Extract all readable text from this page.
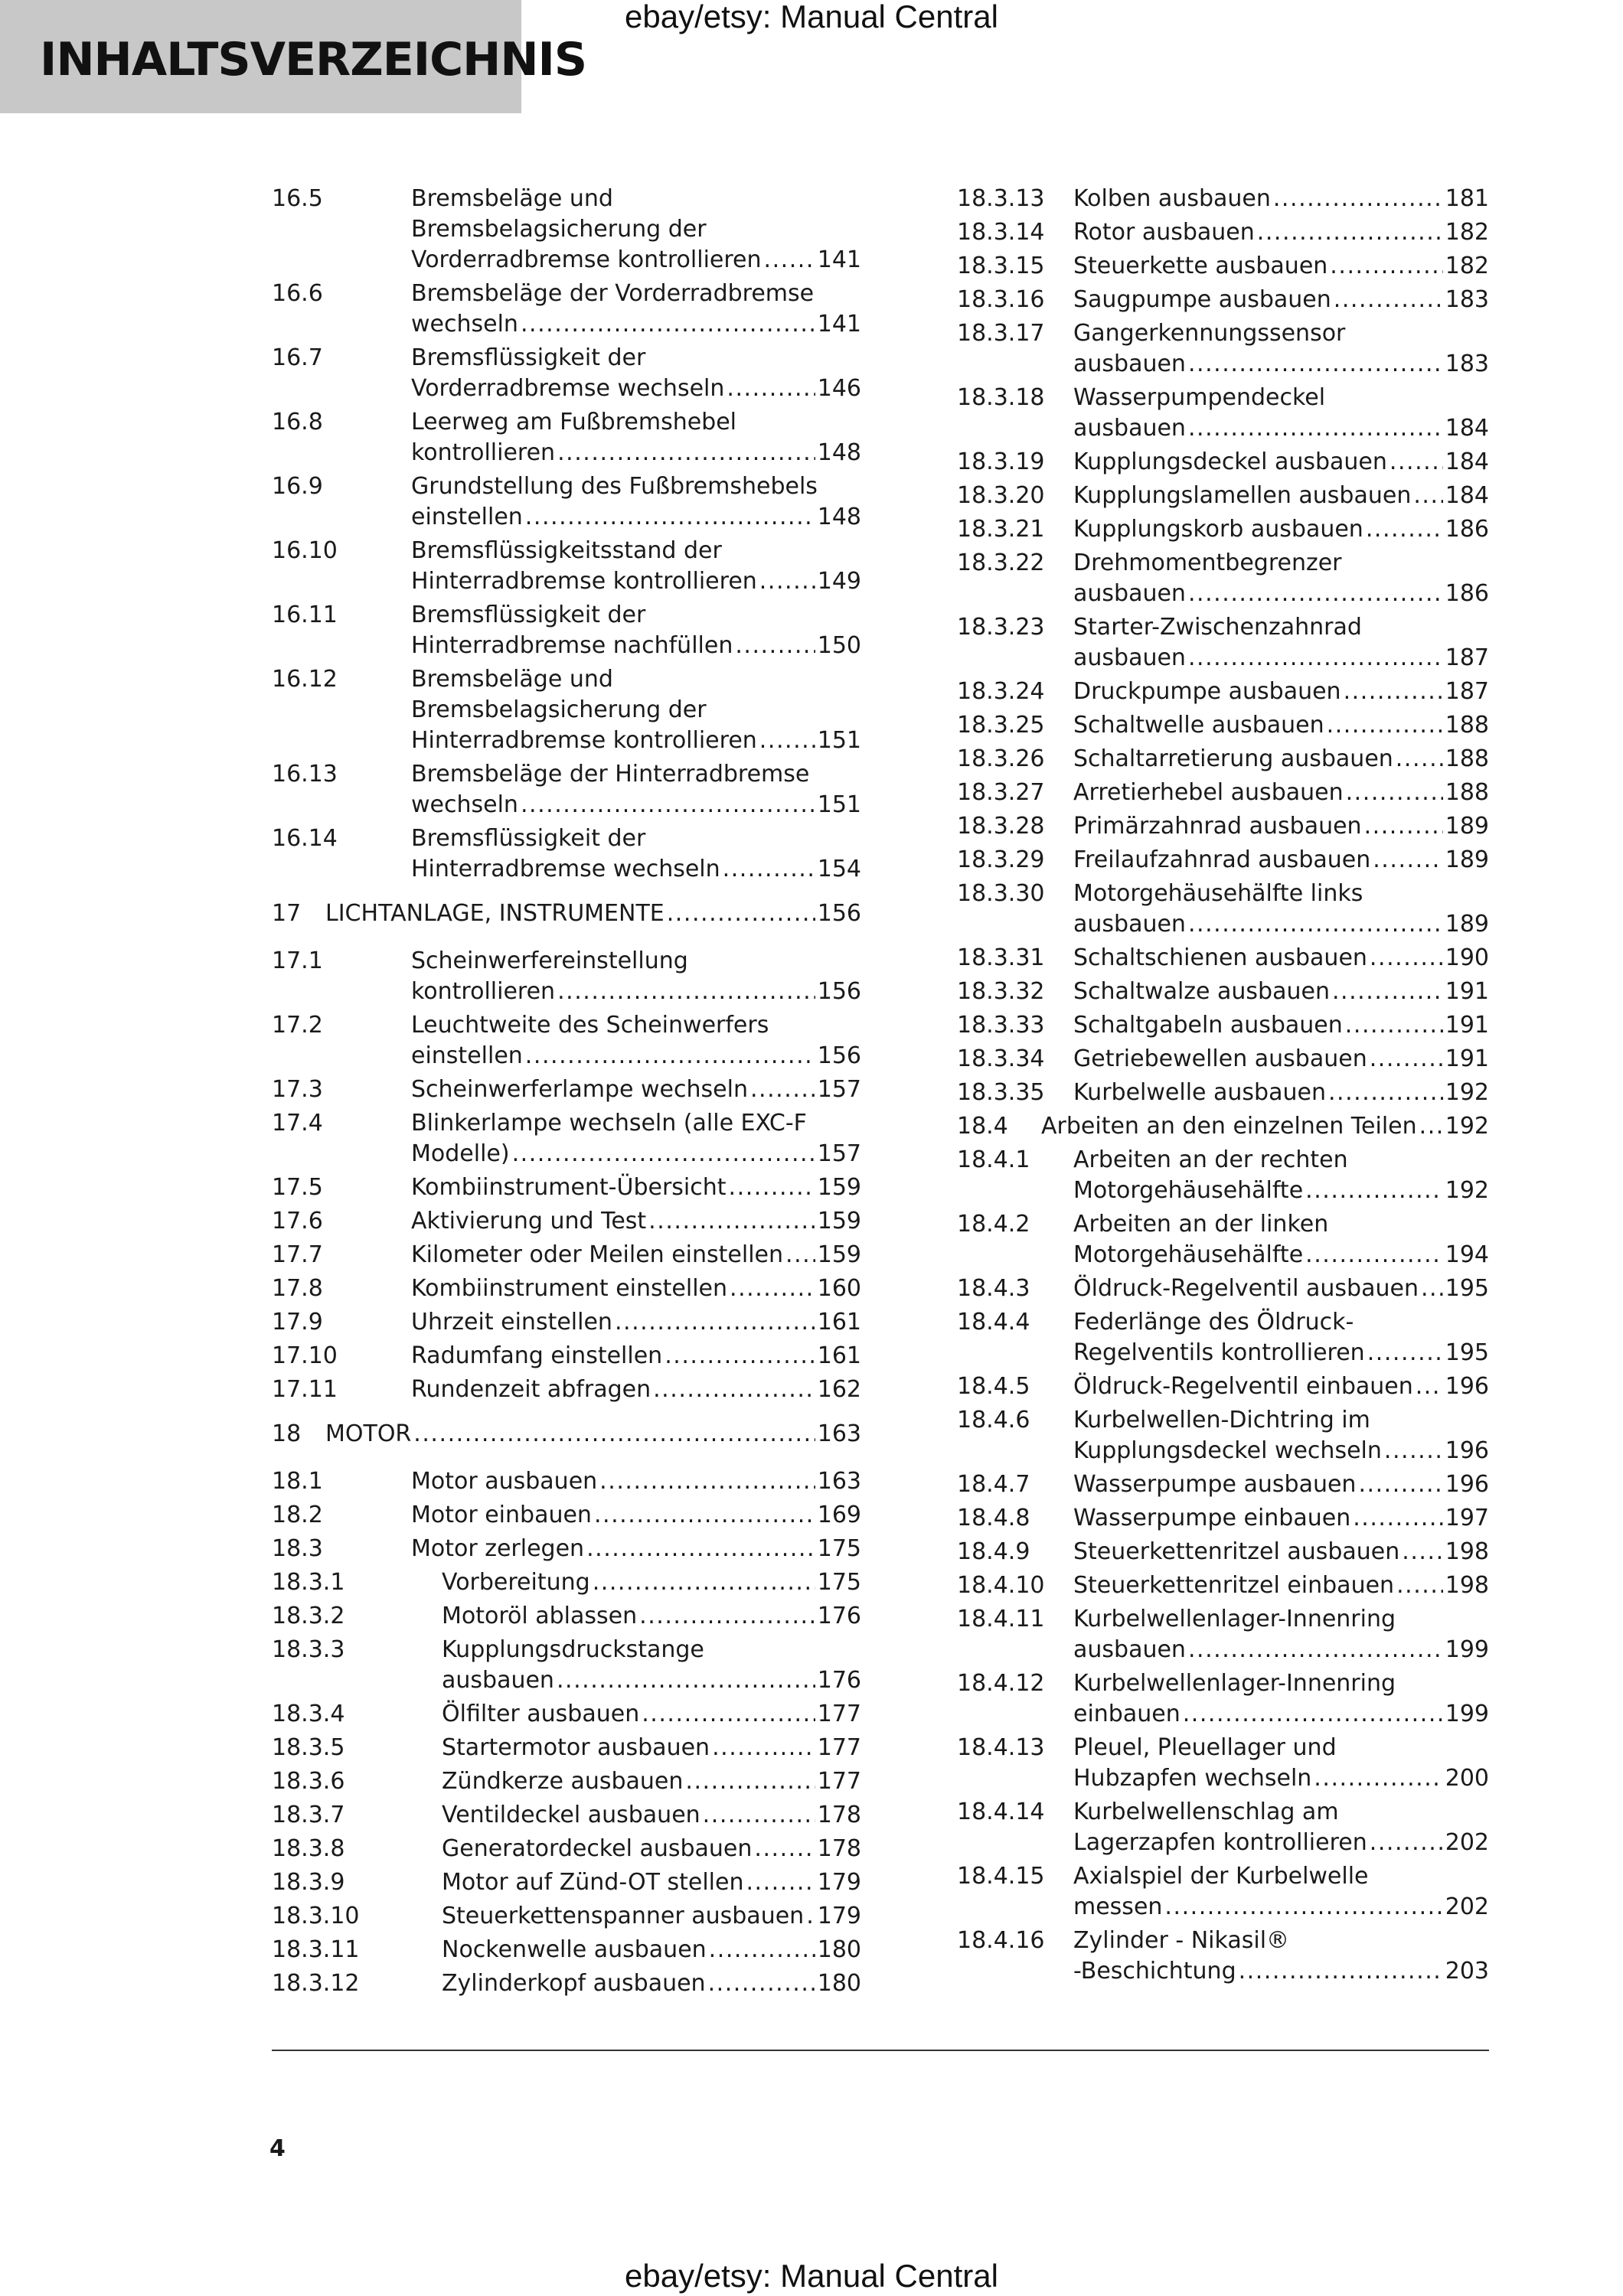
INHALTSVERZEICHNIS
ebay/etsy: Manual Central
16.5	Bremsbeläge und
Bremsbelagsicherung der
Vorderradbremse kontrollieren . . . 141
16.6	Bremsbeläge der Vorderradbremse
wechseln . . .	141
16.7	Bremsflüssigkeit der
Vorderradbremse wechseln . . .	146
16.8	Leerweg am Fußbremshebel
kontrollieren . . .	148
16.9	Grundstellung des Fußbremshebels
einstellen . . .	148
16.10	Bremsflüssigkeitsstand der
Hinterradbremse kontrollieren . . .	149
16.11	Bremsflüssigkeit der
Hinterradbremse nachfüllen . . .	150
16.12	Bremsbeläge und
Bremsbelagsicherung der
Hinterradbremse kontrollieren . . .	151
16.13	Bremsbeläge der Hinterradbremse
wechseln . . .	151
16.14	Bremsflüssigkeit der
Hinterradbremse wechseln . . .	154
17 LICHTANLAGE, INSTRUMENTE . . .	156
17.1	Scheinwerfereinstellung
kontrollieren . . .	156
17.2	Leuchtweite des Scheinwerfers
einstellen . . .	156
17.3	Scheinwerferlampe wechseln . . .	157
17.4	Blinkerlampe wechseln (alle EXC-F
Modelle) . . .	157
17.5	Kombiinstrument-Übersicht . . .	159
17.6	Aktivierung und Test . . .	159
17.7	Kilometer oder Meilen einstellen . . . 159
17.8	Kombiinstrument einstellen . . .	160
17.9	Uhrzeit einstellen . . .	161
17.10	Radumfang einstellen . . .	161
17.11	Rundenzeit abfragen . . .	162
18 MOTOR . . .	163
18.1	Motor ausbauen . . .	163
18.2	Motor einbauen . . .	169
18.3	Motor zerlegen . . .	175
18.3.1	Vorbereitung . . .	175
18.3.2	Motoröl ablassen . . .	176
18.3.3	Kupplungsdruckstange
ausbauen . . .	176
18.3.4	Ölfilter ausbauen . . .	177
18.3.5	Startermotor ausbauen . . .	177
18.3.6	Zündkerze ausbauen . . .	177
18.3.7	Ventildeckel ausbauen . . .	178
18.3.8	Generatordeckel ausbauen . . .	178
18.3.9	Motor auf Zünd-OT stellen . . .	179
18.3.10	Steuerkettenspanner ausbauen . . . 179
18.3.11	Nockenwelle ausbauen . . .	180
18.3.12	Zylinderkopf ausbauen . . .	180
18.3.13 Kolben ausbauen . . .	181
18.3.14 Rotor ausbauen . . .	182
18.3.15 Steuerkette ausbauen . . .	182
18.3.16 Saugpumpe ausbauen . . .	183
18.3.17 Gangerkennungssensor
ausbauen . . .	183
18.3.18 Wasserpumpendeckel
ausbauen . . .	184
18.3.19 Kupplungsdeckel ausbauen . . .	184
18.3.20 Kupplungslamellen ausbauen . . . 184
18.3.21 Kupplungskorb ausbauen . . .	186
18.3.22 Drehmomentbegrenzer
ausbauen . . .	186
18.3.23 Starter-Zwischenzahnrad
ausbauen . . .	187
18.3.24 Druckpumpe ausbauen . . .	187
18.3.25 Schaltwelle ausbauen . . .	188
18.3.26 Schaltarretierung ausbauen . . . 188
18.3.27 Arretierhebel ausbauen . . .	188
18.3.28 Primärzahnrad ausbauen . . .	189
18.3.29 Freilaufzahnrad ausbauen . . .	189
18.3.30 Motorgehäusehälfte links
ausbauen . . .	189
18.3.31 Schaltschienen ausbauen . . .	190
18.3.32 Schaltwalze ausbauen . . .	191
18.3.33 Schaltgabeln ausbauen . . .	191
18.3.34 Getriebewellen ausbauen . . .	191
18.3.35 Kurbelwelle ausbauen . . .	192
18.4 Arbeiten an den einzelnen Teilen . . . 192
18.4.1 Arbeiten an der rechten
Motorgehäusehälfte . . .	192
18.4.2 Arbeiten an der linken
Motorgehäusehälfte . . .	194
18.4.3 Öldruck-Regelventil ausbauen . . . 195
18.4.4 Federlänge des Öldruck-
Regelventils kontrollieren . . .	195
18.4.5 Öldruck-Regelventil einbauen . . . 196
18.4.6 Kurbelwellen-Dichtring im
Kupplungsdeckel wechseln . . .	196
18.4.7 Wasserpumpe ausbauen . . .	196
18.4.8 Wasserpumpe einbauen . . .	197
18.4.9 Steuerkettenritzel ausbauen . . . 198
18.4.10 Steuerkettenritzel einbauen . . . 198
18.4.11 Kurbelwellenlager-Innenring
ausbauen . . .	199
18.4.12 Kurbelwellenlager-Innenring
einbauen . . .	199
18.4.13 Pleuel, Pleuellager und
Hubzapfen wechseln . . .	200
18.4.14 Kurbelwellenschlag am
Lagerzapfen kontrollieren . . .	202
18.4.15 Axialspiel der Kurbelwelle
messen . . .	202
18.4.16 Zylinder - Nikasil®
-Beschichtung . . .	203
4
ebay/etsy: Manual Central
